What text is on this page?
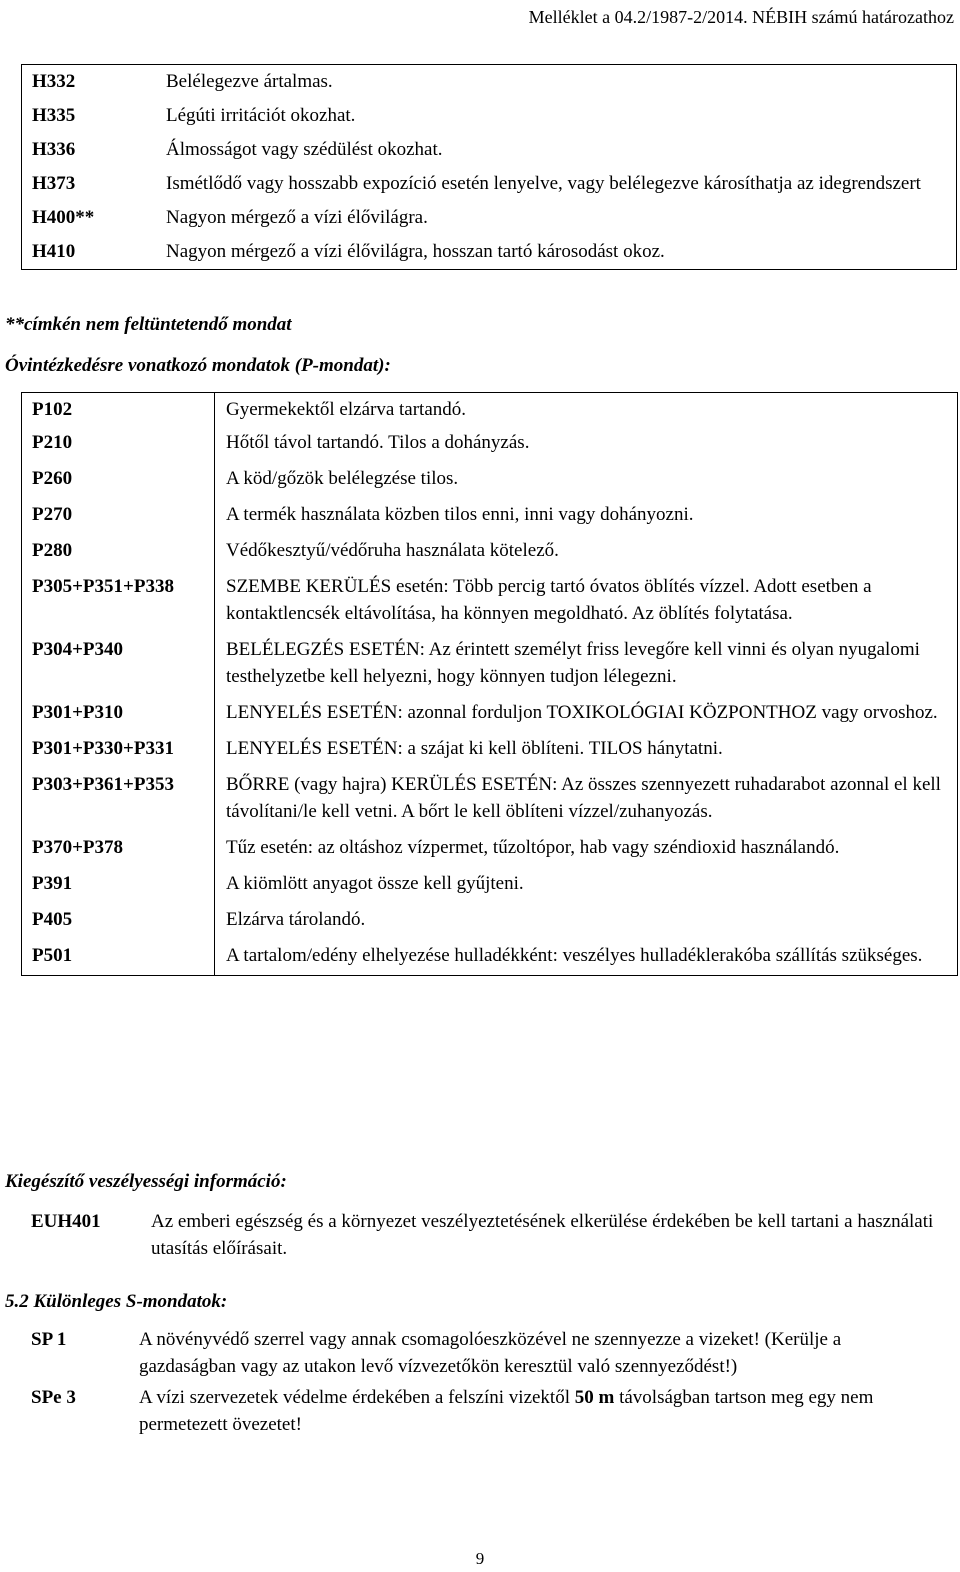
Melléklet a 04.2/1987-2/2014. NÉBIH számú határozathoz
H332	Belélegezve ártalmas.
H335	Légúti irritációt okozhat.
H336	Álmosságot vagy szédülést okozhat.
H373	Ismétlődő vagy hosszabb expozíció esetén lenyelve, vagy belélegezve károsíthatja az idegrendszert
H400**	Nagyon mérgező a vízi élővilágra.
H410	Nagyon mérgező a vízi élővilágra, hosszan tartó károsodást okoz.
**címkén nem feltüntetendő mondat
Óvintézkedésre vonatkozó mondatok (P-mondat):
P102	Gyermekektől elzárva tartandó.
P210	Hőtől távol tartandó. Tilos a dohányzás.
P260	A köd/gőzök belélegzése tilos.
P270	A termék használata közben tilos enni, inni vagy dohányozni.
P280	Védőkesztyű/védőruha használata kötelező.
P305+P351+P338	SZEMBE KERÜLÉS esetén: Több percig tartó óvatos öblítés vízzel. Adott esetben a kontaktlencsék eltávolítása, ha könnyen megoldható. Az öblítés folytatása.
P304+P340	BELÉLEGZÉS ESETÉN: Az érintett személyt friss levegőre kell vinni és olyan nyugalomi testhelyzetbe kell helyezni, hogy könnyen tudjon lélegezni.
P301+P310	LENYELÉS ESETÉN: azonnal forduljon TOXIKOLÓGIAI KÖZPONTHOZ vagy orvoshoz.
P301+P330+P331	LENYELÉS ESETÉN: a szájat ki kell öblíteni. TILOS hánytatni.
P303+P361+P353	BŐRRE (vagy hajra) KERÜLÉS ESETÉN: Az összes szennyezett ruhadarabot azonnal el kell távolítani/le kell vetni. A bőrt le kell öblíteni vízzel/zuhanyozás.
P370+P378	Tűz esetén: az oltáshoz vízpermet, tűzoltópor, hab vagy széndioxid használandó.
P391	A kiömlött anyagot össze kell gyűjteni.
P405	Elzárva tárolandó.
P501	A tartalom/edény elhelyezése hulladékként: veszélyes hulladéklerakóba szállítás szükséges.
Kiegészítő veszélyességi információ:
EUH401	Az emberi egészség és a környezet veszélyeztetésének elkerülése érdekében be kell tartani a használati utasítás előírásait.
5.2 Különleges S-mondatok:
SP 1	A növényvédő szerrel vagy annak csomagolóeszközével ne szennyezze a vizeket! (Kerülje a gazdaságban vagy az utakon levő vízvezetőkön keresztül való szennyeződést!)
SPe 3	A vízi szervezetek védelme érdekében a felszíni vizektől 50 m távolságban tartson meg egy nem permetezett övezetet!
9
